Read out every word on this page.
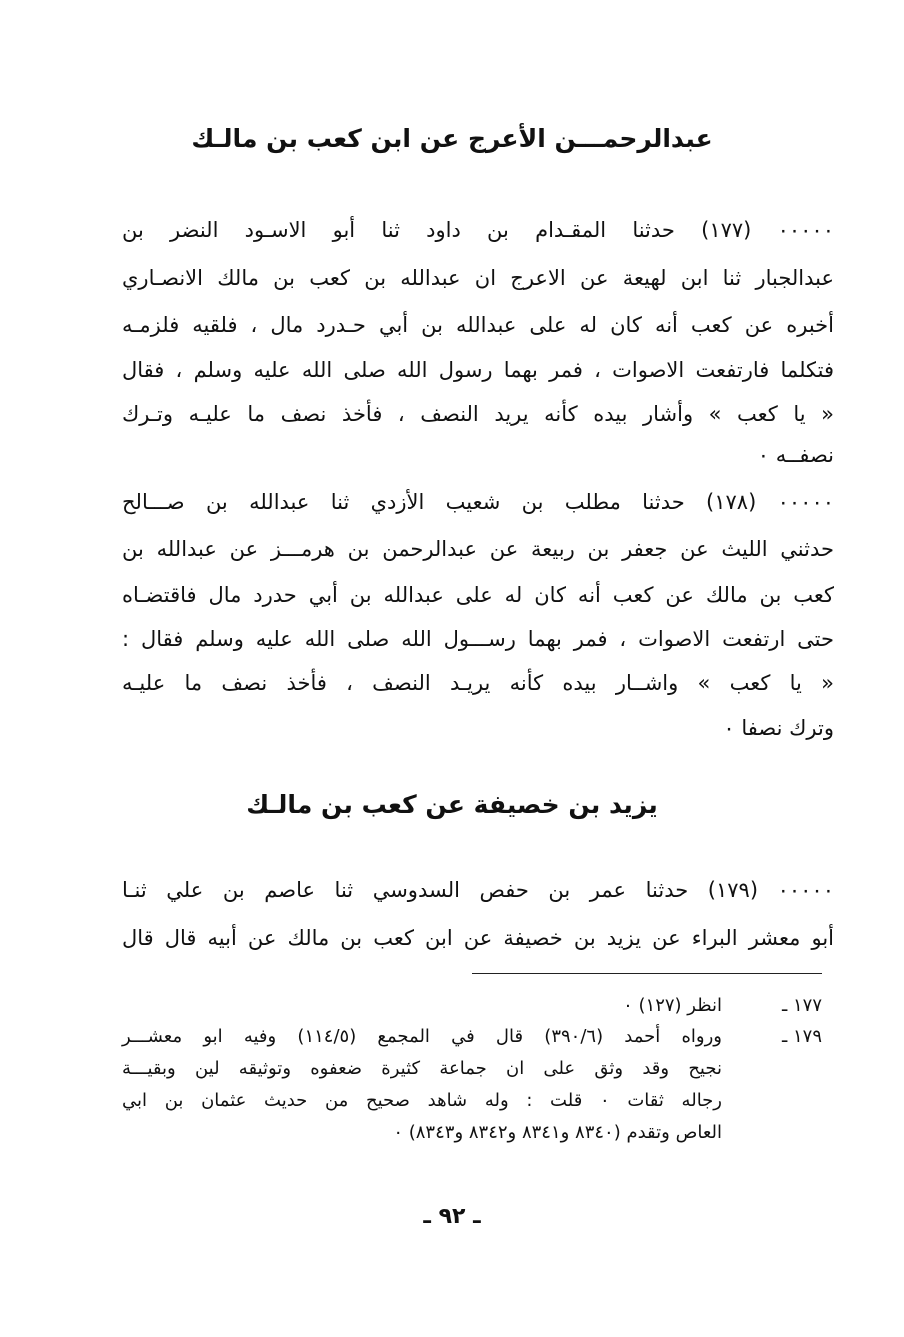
عبدالرحمـــن الأعرج عن ابن كعب بن مالـك
٠٠٠٠٠ (١٧٧) حدثنا المقـدام بن داود ثنا أبو الاسـود النضر بن
عبدالجبار ثنا ابن لهيعة عن الاعرج ان عبدالله بن كعب بن مالك الانصـاري
أخبره عن كعب أنه كان له على عبدالله بن أبي حـدرد مال ، فلقيه فلزمـه
فتكلما فارتفعت الاصوات ، فمر بهما رسول الله صلى الله عليه وسلم ، فقال
« يا كعب » وأشار بيده كأنه يريد النصف ، فأخذ نصف ما عليـه وتـرك
نصفــه ٠
٠٠٠٠٠ (١٧٨) حدثنا مطلب بن شعيب الأزدي ثنا عبدالله بن صـــالح
حدثني الليث عن جعفر بن ربيعة عن عبدالرحمن بن هرمـــز عن عبدالله بن
كعب بن مالك عن كعب أنه كان له على عبدالله بن أبي حدرد مال فاقتضـاه
حتى ارتفعت الاصوات ، فمر بهما رســـول الله صلى الله عليه وسلم فقال :
« يا كعب » واشــار بيده كأنه يريـد النصف ، فأخذ نصف ما عليـه
وترك نصفا ٠
يزيد بن خصيفة عن كعب بن مالـك
٠٠٠٠٠ (١٧٩) حدثنا عمر بن حفص السدوسي ثنا عاصم بن علي ثنـا
أبو معشر البراء عن يزيد بن خصيفة عن ابن كعب بن مالك عن أبيه قال قال
١٧٧ ـ
انظر (١٢٧) ٠
١٧٩ ـ
ورواه أحمد (٣٩٠/٦) قال في المجمع (١١٤/٥) وفيه ابو معشـــر
نجيح وقد وثق على ان جماعة كثيرة ضعفوه وتوثيقه لين وبقيـــة
رجاله ثقات ٠ قلت : وله شاهد صحيح من حديث عثمان بن ابي
العاص وتقدم (٨٣٤٠ و٨٣٤١ و٨٣٤٢ و٨٣٤٣) ٠
ـ ٩٢ ـ
